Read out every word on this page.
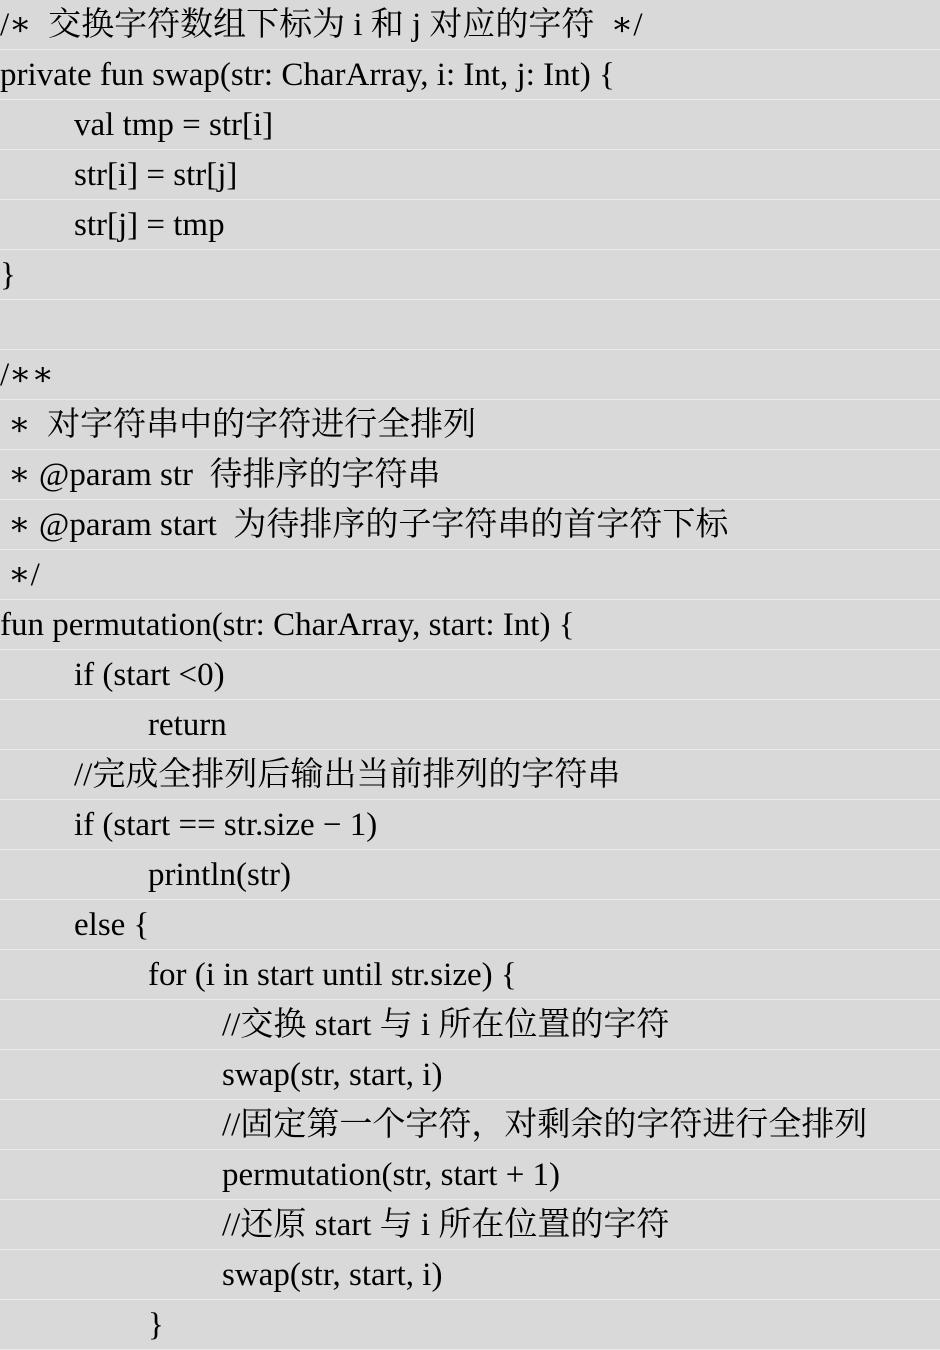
/∗  交换字符数组下标为 i 和 j 对应的字符  ∗/
private fun swap(str: CharArray, i: Int, j: Int) {
val tmp = str[i]
str[i] = str[j]
str[j] = tmp
}
/∗∗
∗  对字符串中的字符进行全排列
∗ @param str  待排序的字符串
∗ @param start  为待排序的子字符串的首字符下标
∗/
fun permutation(str: CharArray, start: Int) {
if (start <0)
return
//完成全排列后输出当前排列的字符串
if (start == str.size − 1)
println(str)
else {
for (i in start until str.size) {
//交换 start 与 i 所在位置的字符
swap(str, start, i)
//固定第一个字符，对剩余的字符进行全排列
permutation(str, start + 1)
//还原 start 与 i 所在位置的字符
swap(str, start, i)
}
